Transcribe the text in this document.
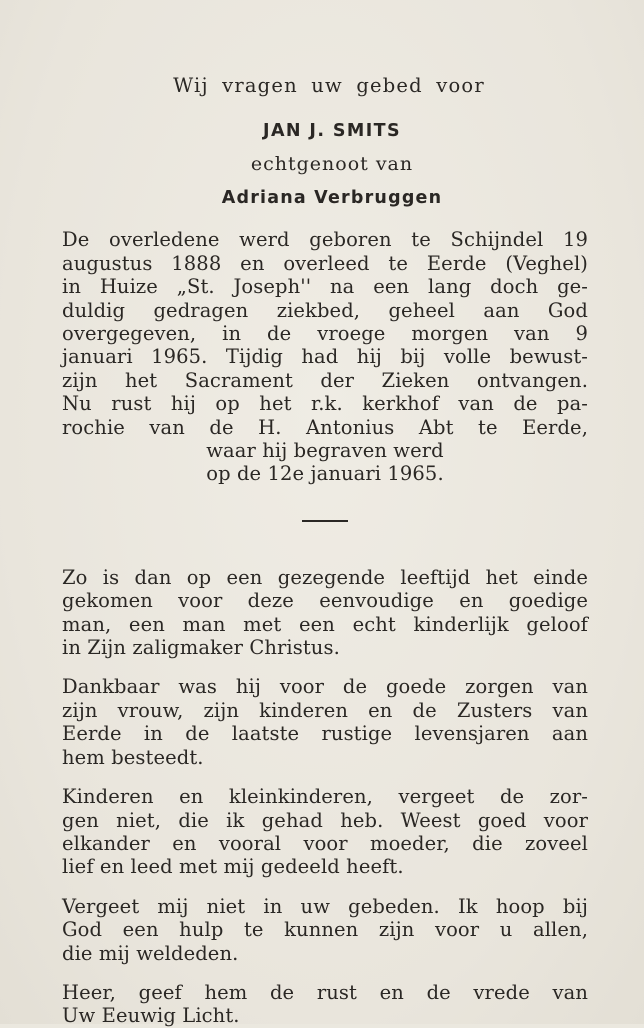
Wij vragen uw gebed voor
JAN J. SMITS
echtgenoot van
Adriana Verbruggen
De overledene werd geboren te Schijndel 19
augustus 1888 en overleed te Eerde (Veghel)
in Huize „St. Joseph'' na een lang doch ge-
duldig gedragen ziekbed, geheel aan God
overgegeven, in de vroege morgen van 9
januari 1965. Tijdig had hij bij volle bewust-
zijn het Sacrament der Zieken ontvangen.
Nu rust hij op het r.k. kerkhof van de pa-
rochie van de H. Antonius Abt te Eerde,
waar hij begraven werd
op de 12e januari 1965.
Zo is dan op een gezegende leeftijd het einde
gekomen voor deze eenvoudige en goedige
man, een man met een echt kinderlijk geloof
in Zijn zaligmaker Christus.
Dankbaar was hij voor de goede zorgen van
zijn vrouw, zijn kinderen en de Zusters van
Eerde in de laatste rustige levensjaren aan
hem besteedt.
Kinderen en kleinkinderen, vergeet de zor-
gen niet, die ik gehad heb. Weest goed voor
elkander en vooral voor moeder, die zoveel
lief en leed met mij gedeeld heeft.
Vergeet mij niet in uw gebeden. Ik hoop bij
God een hulp te kunnen zijn voor u allen,
die mij weldeden.
Heer, geef hem de rust en de vrede van
Uw Eeuwig Licht.
